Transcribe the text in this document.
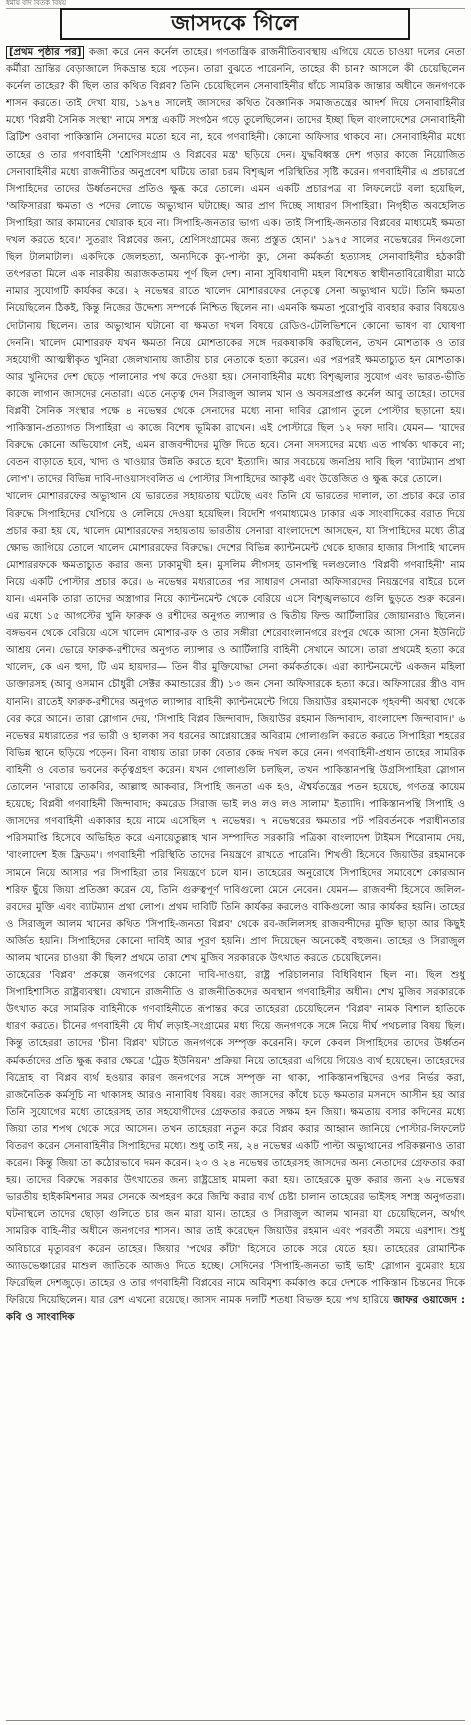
ধৰ্মীয় বাদ বিতৰ্ক বিষয়
জাসদকে গিলে

[প্রথম পৃষ্ঠার পর] কজা করে নেন কর্নেল তাহের। গণতান্ত্রিক রাজনীতিব্যবস্থায় এগিয়ে যেতে চাওয়া দলের নেতা কর্মীরা ভ্রান্তির বেড়াজালে দিকভ্রান্ত হয়ে পড়েন। তারা বুঝতে পারেননি, তাহের কী চান? আসলে কী চেয়েছিলেন কর্নেল তাহের? কী ছিল তার কথিত বিপ্লব? তিনি চেয়েছিলেন সেনাবাহিনীর ধাঁচে সামরিক জান্তার অধীনে জনগণকে শাসন করতে। তাই দেখা যায়, ১৯৭৪ সালেই জাসদের কথিত বৈজ্ঞানিক সমাজতন্ত্রের আদর্শ দিয়ে সেনাবাহিনীর মধ্যে 'বিপ্লবী সৈনিক সংস্থা' নামে সশস্ত্র একটি সংগঠন গড়ে তুলেছিলেন। তাদের ইচ্ছা ছিল বাংলাদেশের সেনাবাহিনী ব্রিটিশ ওবাবা পাকিস্তানি সেনাদের মতো হবে না, হবে গণবাহিনী। কোনো অফিসার থাকবে না। সেনাবাহিনীর মধ্যে তাহের ও তার গণবাহিনী 'শ্রেণিসংগ্রাম ও বিপ্লবের মন্ত্র' ছড়িয়ে দেন। যুদ্ধবিধ্বস্ত দেশ গড়ার কাজে নিয়োজিত সেনাবাহিনীর মধ্যে রাজনীতির অনুপ্রবেশ ঘটিয়ে তারা চরম বিশৃঙ্খল পরিস্থিতির সৃষ্টি করেন। গণবাহিনীর এ প্রচারপ্রে সিপাহিদের তাদের উর্ধ্বতনদের প্রতিও ক্ষুব্ধ করে তোলে। এমন একটি প্রচারপত্র বা লিফলেটে বলা হয়েছিল, 'অফিসাররা ক্ষমতা ও পদের লোভে অভ্যুত্থান ঘটাচ্ছে। আর প্রাণ দিচ্ছে সাধারণ সিপাহিরা। নিগৃহীত অবহেলিত সিপাহিরা আর কামানের খোরাক হবে না। সিপাহি-জনতার ভাগ্য এক। তাই সিপাহি-জনতার বিপ্লবের মাধ্যমেই ক্ষমতা দখল করতে হবে।' সুতরাং বিপ্লবের জন্য, শ্রেণিসংগ্রামের জন্য প্রস্তুত হোন।' ১৯৭৫ সালের নভেম্বরের দিনগুলো ছিল টালমাটাল। একদিকে জেলহত্যা, অন্যদিকে ক্যু-পাল্টা ক্যু, সেনা কর্মকর্তা হত্যাসহ সেনাবাহিনীর হঠকারী তৎপরতা মিলে এক নারকীয় অরাজকতাময় পূর্ণ ছিল দেশ। নানা সুবিধাবাদী মহল বিশেষত স্বাধীনতাবিরোধীরা মাঠে নামার সুযোগটি কার্যকর করে। ২ নভেম্বর রাতে খালেদ মোশাররফের নেতৃত্বে সেনা অভ্যুত্থান ঘটে। তিনি ক্ষমতা নিয়েছিলেন ঠিকই, কিন্তু নিজের উদ্দেশ্য সম্পর্কে নিশ্চিত ছিলেন না। এমনকি ক্ষমতা পুরোপুরি ব্যবহার করার বিষয়েও দোটানায় ছিলেন। তার অভ্যুত্থান ঘটানো বা ক্ষমতা দখল বিষয়ে রেডিও-টেলিভিশনে কোনো ভাষণ বা ঘোষণা দেননি। খালেদ মোশাররফ যখন ক্ষমতা নিয়ে মোশতাকের সঙ্গে দরকষাকষি করছিলেন, তখন মোশতাক ও তার সহযোগী আত্মস্বীকৃত খুনিরা জেলখানায় জাতীয় চার নেতাকে হত্যা করেন। এর পরপরই ক্ষমতাচ্যুত হন মোশতাক। আর খুনিদের দেশ ছেড়ে পালানোর পথ করে দেওয়া হয়। সেনাবাহিনীর মধ্যে বিশৃঙ্খলার সুযোগ এবং ভারত-ভীতি কাজে লাগান জাসদের নেতারা। এতে নেতৃত্ব দেন সিরাজুল আলম খান ও অবসরপ্রাপ্ত কর্নেল আবু তাহের। তাদের বিপ্লবী সৈনিক সংস্থার পক্ষে ৪ নভেম্বর থেকে সেনাদের মধ্যে নানা দাবির স্লোগান তুলে পোস্টার ছড়ানো হয়। পাকিস্তান-প্রত্যাগত সিপাহিরা এ কাজে বিশেষ ভূমিকা রাখেন। এই পোস্টারে ছিল ১২ দফা দাবি। যেমন— 'যাদের বিরুদ্ধে কোনো অভিযোগ নেই, এমন রাজবন্দীদের মুক্তি দিতে হবে। সেনা সদস্যদের মধ্যে এত পার্থক্য থাকবে না; বেতন বাড়াতে হবে, খাদ্য ও খাওয়ার উন্নতি করতে হবে' ইত্যাদি। আর সবচেয়ে জনপ্রিয় দাবি ছিল 'ব্যাটম্যান প্রথা লোপ'। তাদের বিভিন্ন দাবি-দাওয়াসংবলিত এ পোস্টার সিপাহিদের আকৃষ্ট এবং উত্তেজিত ও ক্ষুব্ধ করে তোলে।

খালেদ মোশাররফের অভ্যুত্থান যে ভারতের সহায়তায় ঘটেছে এবং তিনি যে ভারতের দালাল, তা প্রচার করে তার বিরুদ্ধে সিপাহিদের খেপিয়ে ও লেলিয়ে দেওয়া হয়েছিল। বিদেশি গণমাধ্যমেও ঢাকার এক সাংবাদিকের বরাত দিয়ে প্রচার করা হয় যে, খালেদ মোশাররফের সহায়তায় ভারতীয় সেনারা বাংলাদেশে আসছেন, যা সিপাহিদের মধ্যে তীব্র ক্ষোভ জাগিয়ে তোলে খালেদ মোশাররফের বিরুদ্ধে। দেশের বিভিন্ন ক্যান্টনমেন্ট থেকে হাজার হাজার সিপাহি খালেদ মোশাররফকে ক্ষমতাচ্যুত করার জন্য ঢাকামুখী হন। মুসলিম লীগসহ ডানপন্থি দলগুলোও 'বিপ্লবী গণবাহিনী' নাম নিয়ে একটি পোস্টার প্রচার করে। ৬ নভেম্বর মধ্যরাতের পর সাধারণ সেনারা অফিসারদের নিয়ন্ত্রণের বাইরে চলে যান। এমনকি তারা তাদের অস্ত্রাগার নিয়ে ক্যান্টনমেন্ট থেকে বেরিয়ে এসে বিশৃঙ্খলভাবে গুলি ছুড়তে শুরু করেন। এর মধ্যে ১৫ আগস্টের খুনি ফারুক ও রশীদের অনুগত ল্যান্সার ও দ্বিতীয় ফিল্ড আর্টিলারির জোয়ানরাও ছিলেন। বঙ্গভবন থেকে বেরিয়ে এসে খালেদ মোশার-রফ ও তার সঙ্গীরা শেরেবাংলানগরে রংপুর থেকে আসা সেনা ইউনিটে আশ্রয় নেন। ভোরে ফারুক-রশীদের অনুগত ল্যান্সার ও আর্টিলারি বাহিনী সেখানে আসে। তারা প্রথমেই হত্যা করে খালেদ, কে এন হুদা, টি এম হায়দার— তিন বীর মুক্তিযোদ্ধা সেনা কর্মকর্তাকে। এরা ক্যান্টনমেন্টে একজন মহিলা ডাক্তারসহ (আবু ওসমান চৌধুরী সেক্টর কমান্ডারের স্ত্রী) ১৩ জন সেনা অফিসারকে হত্যা করে। অফিসারের স্ত্রীও বাদ যাননি। রাতেই ফারুক-রশীদের অনুগত ল্যান্সার বাহিনী ক্যান্টনমেন্টে গিয়ে জিয়াউর রহমানকে গৃহবন্দী অবস্থা থেকে বের করে আনে। তারা স্লোগান দেয়, 'সিপাহি বিপ্লব জিন্দাবাদ, জিয়াউর রহমান জিন্দাবাদ, বাংলাদেশ জিন্দাবাদ।' ৬ নভেম্বর মধ্যরাতের পর ভারী ও হালকা সব ধরনের আগ্নেয়াস্ত্রের অবিরাম গোলাগুলি করতে করতে সিপাহিরা শহরের বিভিন্ন স্থানে ছড়িয়ে পড়েন। বিনা বাধায় তারা ঢাকা বেতার কেন্দ্র দখল করে নেন। গণবাহিনী-প্রধান তাহের সামরিক বাহিনী ও বেতার ভবনের কর্তৃত্বগ্রহণ করেন। যখন গোলাগুলি চলছিল, তখন পাকিস্তানপন্থি উগ্রসিপাহিরা স্লোগান তোলেন 'নারায়ে তাকবির, আল্লাহু আকবার, সিপাহি জনতা এক হও, ঐশ্বর্যতন্ত্রের পতন হয়েছে, গণতন্ত্র কায়েম হয়েছে; বিপ্লবী গণবাহিনী জিন্দাবাদ; কমরেড সিরাজ ভাই লও লও লও সালাম' ইত্যাদি। পাকিস্তানপন্থি সিপাহি ও জাসদের গণবাহিনী একাকার হয়ে নামে এসেছিল ৭ নভেম্বর। ৭ নভেম্বরের ক্ষমতার পট পরিবর্তনকে পরাধীনতার পরিসমাপ্তি হিসেবে অভিহিত করে এনায়েতুল্লাহ খান সম্পাদিত সরকারি পত্রিকা বাংলাদেশ টাইমস শিরোনাম দেয়, 'বাংলাদেশ ইজ ফ্রিডম'। গণবাহিনী পরিস্থিতি তাদের নিয়ন্ত্রণে রাখতে পারেনি। শিখণ্ডী হিসেবে জিয়াউর রহমানকে সামনে নিয়ে আসার পর সিপাহিরা তার নিয়ন্ত্রণে চলে যান। তাহেরের অনুরোধে সিপাহিদের সমাবেশে কোরআন শরিফ ছুঁয়ে জিয়া প্রতিজ্ঞা করেন যে, তিনি গুরুত্বপূর্ণ দাবিগুলো মেনে নেবেন। যেমন— রাজবন্দী হিসেবে জলিল-রবদের মুক্তি এবং ব্যাটম্যান প্রথা লোপ। প্রথম দাবিটি তিনি কার্যকর করলেও বাকিগুলো আর কার্যকর হয়নি। তাহের ও সিরাজুল আলম খানের কথিত 'সিপাহি-জনতা বিপ্লব' থেকে রব-জলিলসহ রাজবন্দীদের মুক্তি ছাড়া আর কিছুই অর্জিত হয়নি। সিপাহিদের কোনো দাবিই আর পূরণ হয়নি। প্রাণ দিয়েছেন অনেকেই বহুজন। তাহের ও সিরাজুল আলম খানের চাওয়া কী ছিল? প্রথমে তারা শেখ মুজিব সরকারকে উৎখাত করতে চেয়েছিলেন।

তাহেরের 'বিপ্লব' প্রকল্পে জনগণের কোনো দাবি-দাওয়া, রাষ্ট্র পরিচালনার বিধিবিধান ছিল না। ছিল শুধু সিপাহিশাসিত রাষ্ট্রব্যবস্থা। যেখানে রাজনীতি ও রাজনীতিকদের অবস্থান গণবাহিনীর অধীন। শেখ মুজিব সরকারকে উৎখাত করে সামরিক বাহিনীকে গণবাহিনীতে রূপান্তর করে তাহেররা চেয়েছিলেন 'বিপ্লব' নামক বিশাল হাতিকে ধারণ করতে। চীনের গণবাহিনী যে দীর্ঘ লড়াই-সংগ্রামের মধ্য দিয়ে জনগণকে সঙ্গে নিয়ে দীর্ঘ পথচলার বিষয় ছিল। কিন্তু তাহেররা তাদের 'চীনা বিপ্লব' ঘটাতে জনগণকে সম্পৃক্ত করেননি। ফলে কেবল সিপাহিদের তাদের উর্ধ্বতন কর্মকর্তাদের প্রতি ক্ষুব্ধ করার ক্ষেত্রে 'ট্রেড ইউনিয়ন' প্রক্রিয়া নিয়ে তাহেররা এগিয়ে গিয়েও ব্যর্থ হয়েছেন। তাহেরদের বিদ্রোহ বা বিপ্লব ব্যর্থ হওয়ার কারণ জনগণের সঙ্গে সম্পৃক্ত না থাকা, পাকিস্তানপন্থিদের ওপর নির্ভর করা, রাজনৈতিক কর্মসূচি না থাকাসহ আরও নানাবিধ বিষয়। বরং জাসদের কাঁধে চড়ে ক্ষমতার মসনদে আসীন হয় আর তিনি সুযোগের মধ্যে তাহেরসহ তার সহযোগীদের গ্রেফতার করতে সক্ষম হন জিয়া। ক্ষমতায় বসার কদিনের মধ্যে জিয়া তার শপথ থেকে সরে আসেন। তখন তাহেররা নতুন করে বিপ্লব করার আহ্বান জানিয়ে পোস্টার-লিফলেট বিতরণ করেন সেনাবাহিনীর সিপাহিদের মধ্যে। শুধু তাই নয়, ২৪ নভেম্বর একটি পাল্টা অভ্যুত্থানের পরিকল্পনাও তারা করেন। কিন্তু জিয়া তা কঠোরভাবে দমন করেন। ২৩ ও ২৪ নভেম্বর তাহেরসহ জাসদের অন্য নেতাদের গ্রেফতার করা হয়। তাদের বিরুদ্ধে সরকার উৎখাতের জন্য রাষ্ট্রদ্রোহ মামলা করা হয়। তাহেরকে মুক্ত করার জন্য ২৬ নভেম্বর ভারতীয় হাইকমিশনার সমর সেনকে অপহরণ করে জিম্মি করার ব্যর্থ চেষ্টা চালান তাহেরের ভাইসহ সশস্ত্র অনুগতরা। ঘটনাস্থলে তাদের ছোড়া গুলিতে চার জন মারা যান। তাহের ও সিরাজুল আলম খানরা যা চেয়েছিলেন, অর্থাৎ সামরিক বাহি-নীর অধীনে জনগণের শাসন। আর তাই করেছেন জিয়াউর রহমান এবং পরবর্তী সময়ে এরশাদ। শুধু অবিচারে মৃত্যুবরণ করেন তাহের। জিয়ার 'পথের কাঁটা' হিসেবে তাকে সরে যেতে হয়। তাহেরের রোমান্টিক অ্যাডভেঞ্চারের মাশুল জাতিকে আজও দিতে হচ্ছে। সেদিনের 'সিপাহি-জনতা ভাই ভাই' স্লোগান বুমেরাং হয়ে ফিরেছিল দেশজুড়ে। তাহের ও তার গণবাহিনী বিপ্লবের নামে অবিমৃশ্য কর্মকাণ্ড করে দেশকে পাকিস্তান চিন্তনের দিকে ফিরিয়ে দিয়েছিলেন। যার রেশ এখনো রয়েছে। জাসদ নামক দলটি শতধা বিভক্ত হয়ে পথ হারিয়ে জাফর ওয়াজেদ : কবি ও সাংবাদিক
